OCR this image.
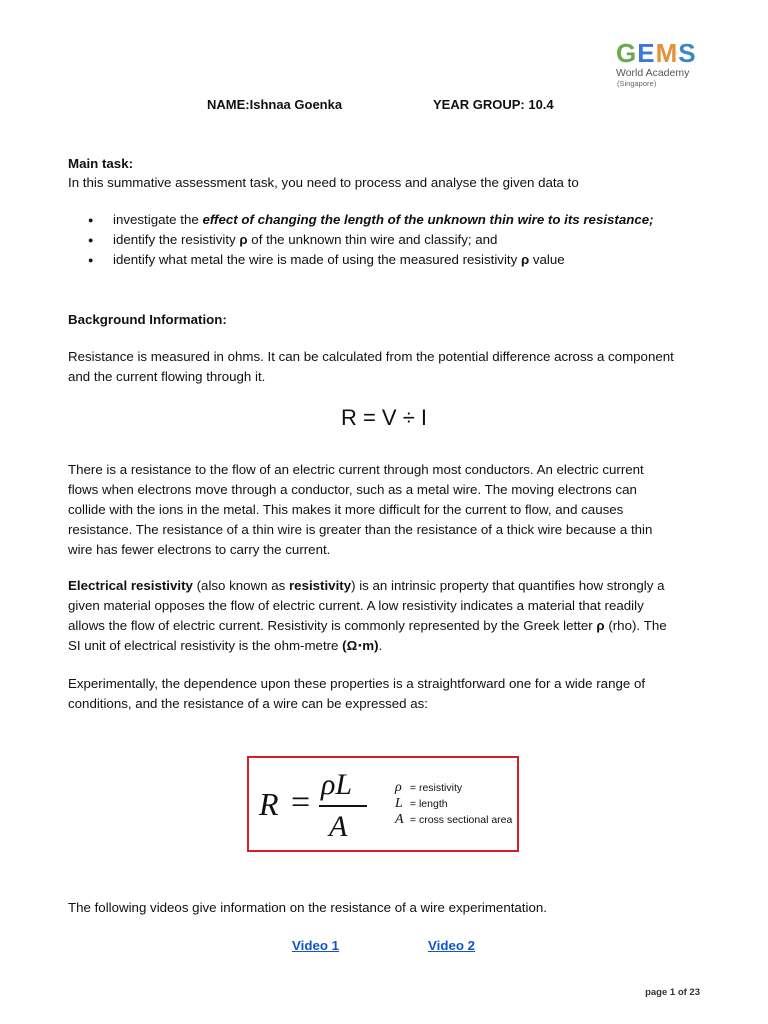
GEMS
World Academy
(Singapore)
NAME:Ishnaa Goenka	YEAR GROUP: 10.4
Main task:
In this summative assessment task, you need to process and analyse the given data to
● investigate the effect of changing the length of the unknown thin wire to its resistance;
● identify the resistivity ρ of the unknown thin wire and classify; and
● identify what metal the wire is made of using the measured resistivity ρ value
Background Information:
Resistance is measured in ohms. It can be calculated from the potential difference across a component
and the current flowing through it.
R = V ÷ I
There is a resistance to the flow of an electric current through most conductors. An electric current
flows when electrons move through a conductor, such as a metal wire. The moving electrons can
collide with the ions in the metal. This makes it more difficult for the current to flow, and causes
resistance. The resistance of a thin wire is greater than the resistance of a thick wire because a thin
wire has fewer electrons to carry the current.
Electrical resistivity (also known as resistivity) is an intrinsic property that quantifies how strongly a
given material opposes the flow of electric current. A low resistivity indicates a material that readily
allows the flow of electric current. Resistivity is commonly represented by the Greek letter ρ (rho). The
SI unit of electrical resistivity is the ohm-metre (Ω⋅m).
Experimentally, the dependence upon these properties is a straightforward one for a wide range of
conditions, and the resistance of a wire can be expressed as:
R = ρL
A
ρ = resistivity
L = length
A = cross sectional area
The following videos give information on the resistance of a wire experimentation.
Video 1	Video 2
page 1 of 23
